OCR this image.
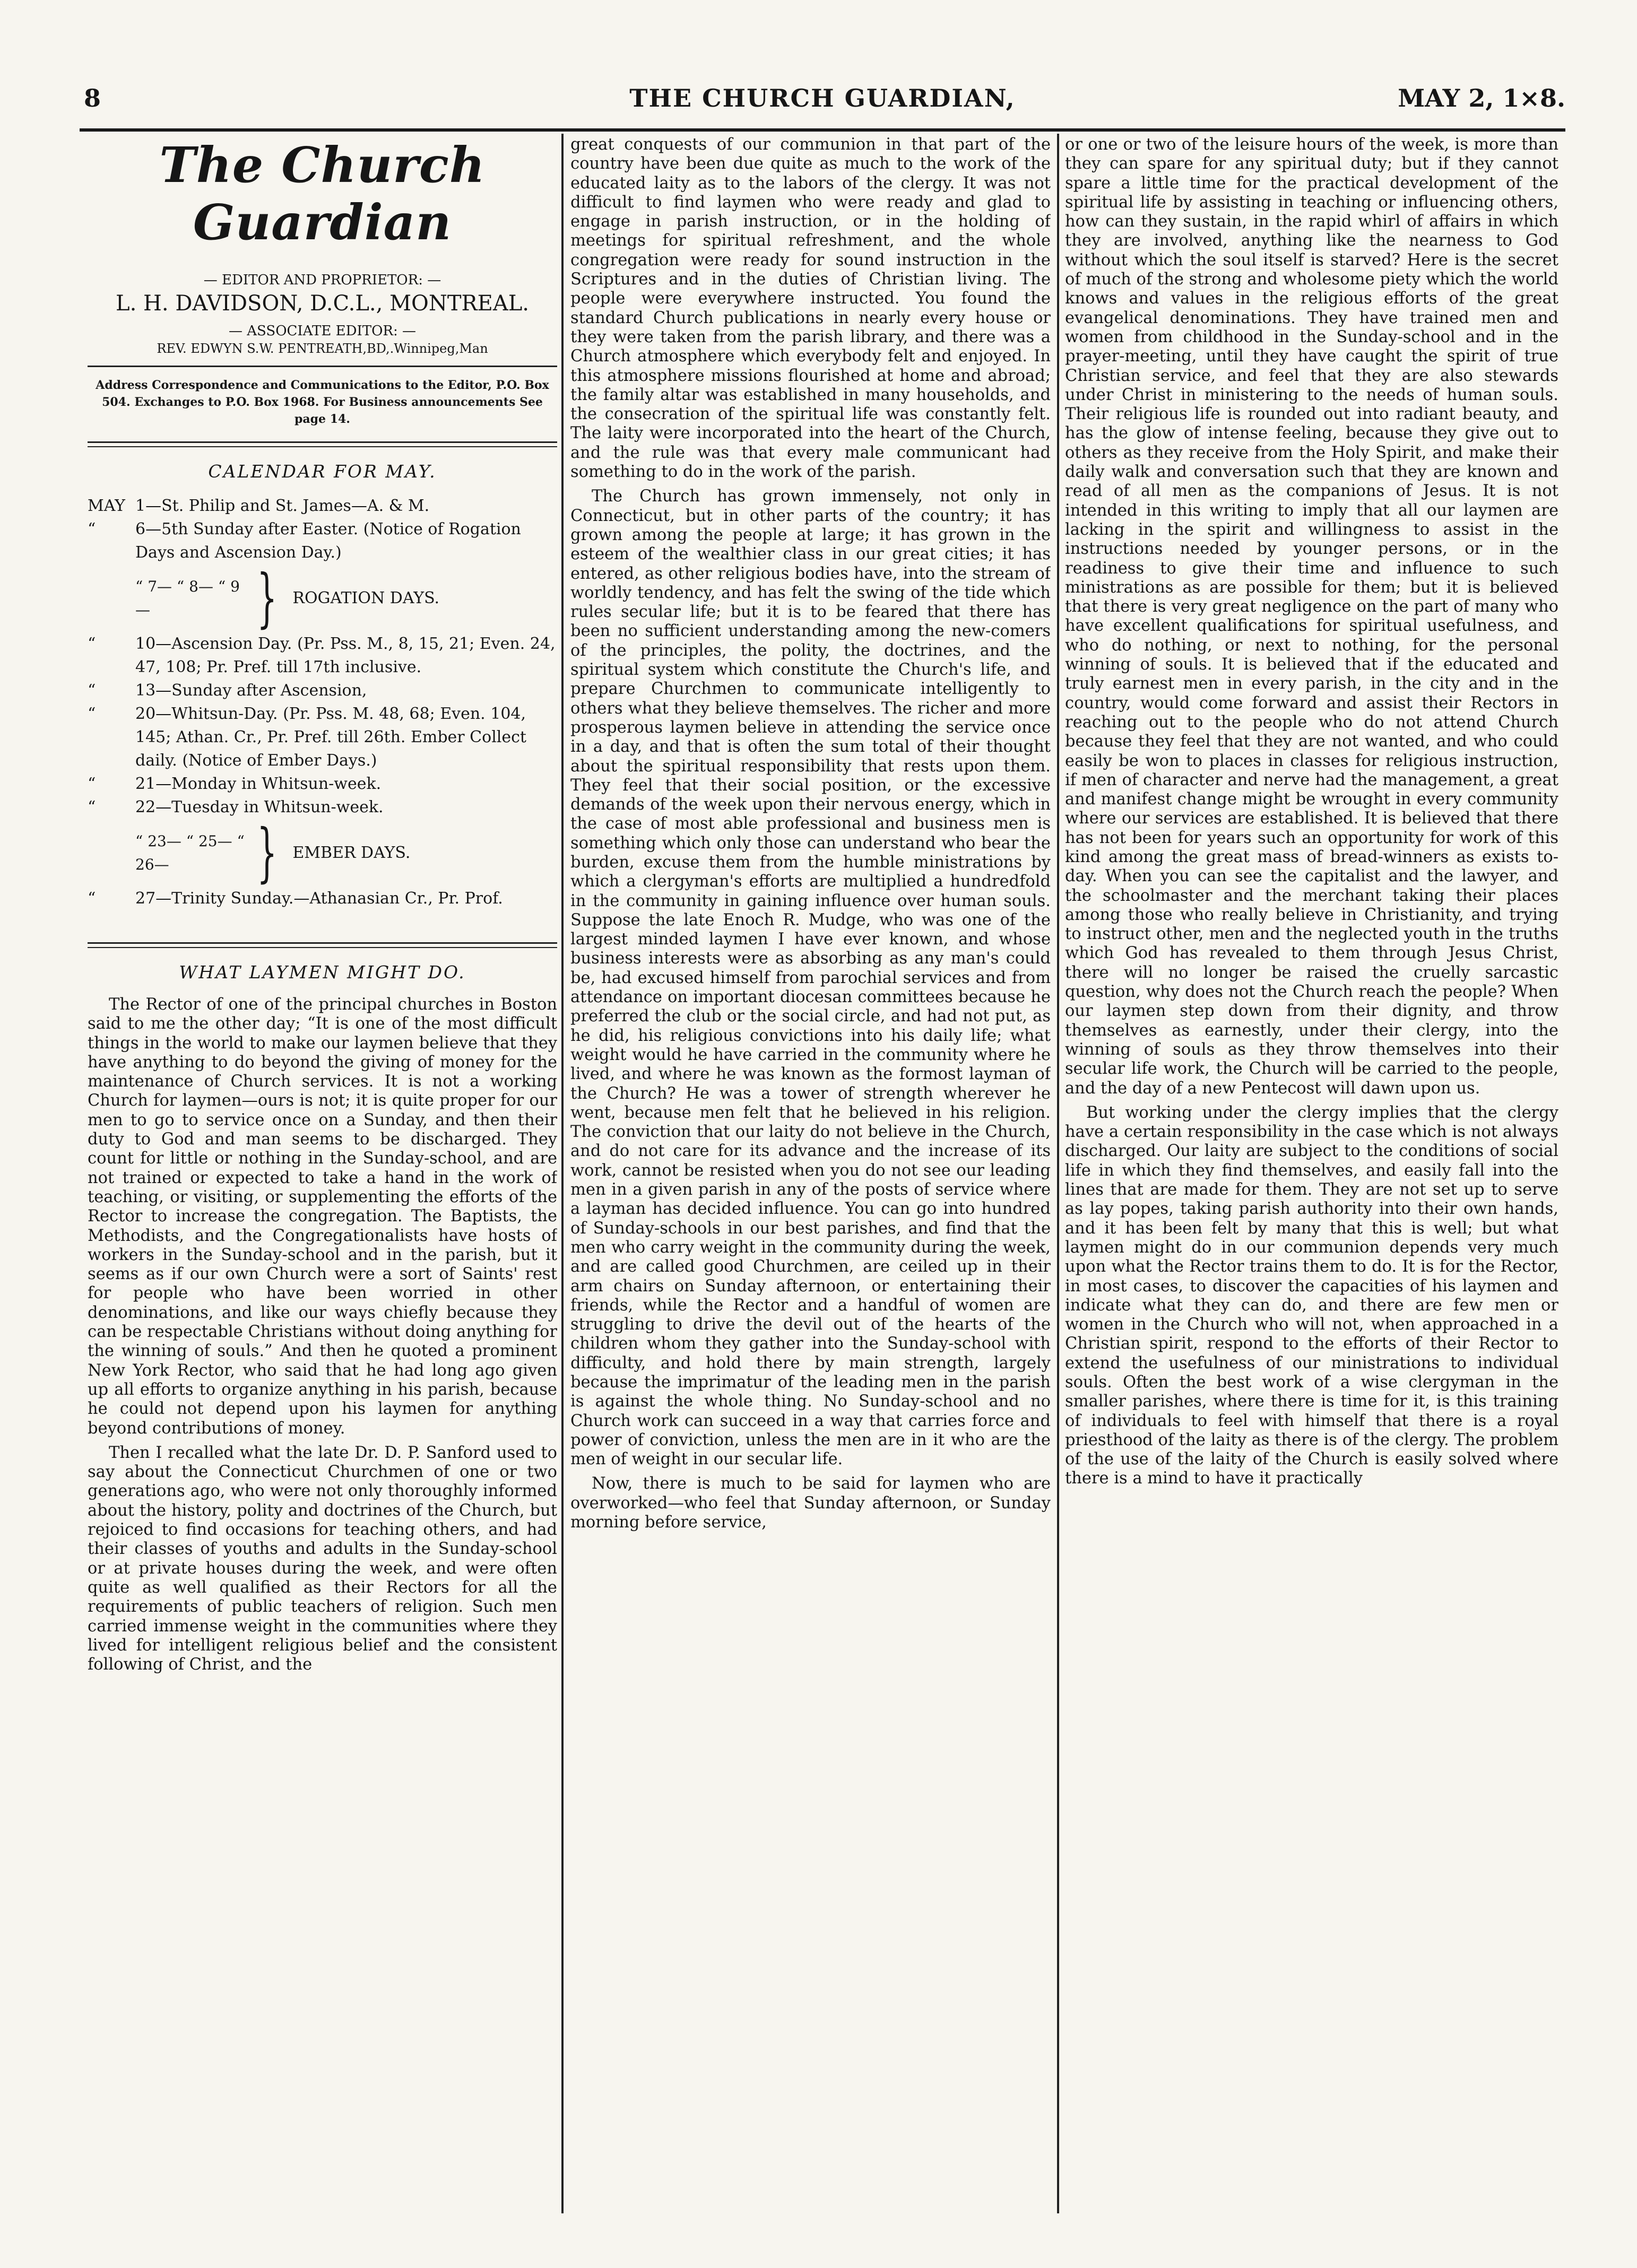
8	THE CHURCH GUARDIAN,	MAY 2, 1×8.
The Church Guardian
— EDITOR AND PROPRIETOR: —
L. H. DAVIDSON, D.C.L., MONTREAL.
— ASSOCIATE EDITOR: —
REV. EDWYN S.W. PENTREATH,BD,.Winnipeg,Man
Address Correspondence and Communications to the Editor, P.O. Box 504. Exchanges to P.O. Box 1968. For Business announcements See page 14.
CALENDAR FOR MAY.
MAY 1—St. Philip and St. James—A. & M.
“	6—5th Sunday after Easter. (Notice of Rogation Days and Ascension Day.)
“ 7— “ 8— “ 9—	} ROGATION DAYS.
“	10—Ascension Day. (Pr. Pss. M., 8, 15, 21; Even. 24, 47, 108; Pr. Pref. till 17th inclusive.
“	13—Sunday after Ascension,
“	20—Whitsun-Day. (Pr. Pss. M. 48, 68; Even. 104, 145; Athan. Cr., Pr. Pref. till 26th. Ember Collect daily. (Notice of Ember Days.)
“	21—Monday in Whitsun-week.
“	22—Tuesday in Whitsun-week.
“ 23— “ 25— “ 26—	} EMBER DAYS.
“	27—Trinity Sunday.—Athanasian Cr., Pr. Prof.
WHAT LAYMEN MIGHT DO.

The Rector of one of the principal churches in Boston said to me the other day; “It is one of the most difficult things in the world to make our laymen believe that they have anything to do beyond the giving of money for the maintenance of Church services. It is not a working Church for laymen—ours is not; it is quite proper for our men to go to service once on a Sunday, and then their duty to God and man seems to be discharged. They count for little or nothing in the Sunday-school, and are not trained or expected to take a hand in the work of teaching, or visiting, or supplementing the efforts of the Rector to increase the congregation. The Baptists, the Methodists, and the Congregationalists have hosts of workers in the Sunday-school and in the parish, but it seems as if our own Church were a sort of Saints' rest for people who have been worried in other denominations, and like our ways chiefly because they can be respectable Christians without doing anything for the winning of souls.” And then he quoted a prominent New York Rector, who said that he had long ago given up all efforts to organize anything in his parish, because he could not depend upon his laymen for anything beyond contributions of money.

Then I recalled what the late Dr. D. P. Sanford used to say about the Connecticut Churchmen of one or two generations ago, who were not only thoroughly informed about the history, polity and doctrines of the Church, but rejoiced to find occasions for teaching others, and had their classes of youths and adults in the Sunday-school or at private houses during the week, and were often quite as well qualified as their Rectors for all the requirements of public teachers of religion. Such men carried immense weight in the communities where they lived for intelligent religious belief and the consistent following of Christ, and the

great conquests of our communion in that part of the country have been due quite as much to the work of the educated laity as to the labors of the clergy. It was not difficult to find laymen who were ready and glad to engage in parish instruction, or in the holding of meetings for spiritual refreshment, and the whole congregation were ready for sound instruction in the Scriptures and in the duties of Christian living. The people were everywhere instructed. You found the standard Church publications in nearly every house or they were taken from the parish library, and there was a Church atmosphere which everybody felt and enjoyed. In this atmosphere missions flourished at home and abroad; the family altar was established in many households, and the consecration of the spiritual life was constantly felt. The laity were incorporated into the heart of the Church, and the rule was that every male communicant had something to do in the work of the parish.

The Church has grown immensely, not only in Connecticut, but in other parts of the country; it has grown among the people at large; it has grown in the esteem of the wealthier class in our great cities; it has entered, as other religious bodies have, into the stream of worldly tendency, and has felt the swing of the tide which rules secular life; but it is to be feared that there has been no sufficient understanding among the new-comers of the principles, the polity, the doctrines, and the spiritual system which constitute the Church's life, and prepare Churchmen to communicate intelligently to others what they believe themselves. The richer and more prosperous laymen believe in attending the service once in a day, and that is often the sum total of their thought about the spiritual responsibility that rests upon them. They feel that their social position, or the excessive demands of the week upon their nervous energy, which in the case of most able professional and business men is something which only those can understand who bear the burden, excuse them from the humble ministrations by which a clergyman's efforts are multiplied a hundredfold in the community in gaining influence over human souls. Suppose the late Enoch R. Mudge, who was one of the largest minded laymen I have ever known, and whose business interests were as absorbing as any man's could be, had excused himself from parochial services and from attendance on important diocesan committees because he preferred the club or the social circle, and had not put, as he did, his religious convictions into his daily life; what weight would he have carried in the community where he lived, and where he was known as the formost layman of the Church? He was a tower of strength wherever he went, because men felt that he believed in his religion. The conviction that our laity do not believe in the Church, and do not care for its advance and the increase of its work, cannot be resisted when you do not see our leading men in a given parish in any of the posts of service where a layman has decided influence. You can go into hundred of Sunday-schools in our best parishes, and find that the men who carry weight in the community during the week, and are called good Churchmen, are ceiled up in their arm chairs on Sunday afternoon, or entertaining their friends, while the Rector and a handful of women are struggling to drive the devil out of the hearts of the children whom they gather into the Sunday-school with difficulty, and hold there by main strength, largely because the imprimatur of the leading men in the parish is against the whole thing. No Sunday-school and no Church work can succeed in a way that carries force and power of conviction, unless the men are in it who are the men of weight in our secular life.

Now, there is much to be said for laymen who are overworked—who feel that Sunday afternoon, or Sunday morning before service,

or one or two of the leisure hours of the week, is more than they can spare for any spiritual duty; but if they cannot spare a little time for the practical development of the spiritual life by assisting in teaching or influencing others, how can they sustain, in the rapid whirl of affairs in which they are involved, anything like the nearness to God without which the soul itself is starved? Here is the secret of much of the strong and wholesome piety which the world knows and values in the religious efforts of the great evangelical denominations. They have trained men and women from childhood in the Sunday-school and in the prayer-meeting, until they have caught the spirit of true Christian service, and feel that they are also stewards under Christ in ministering to the needs of human souls. Their religious life is rounded out into radiant beauty, and has the glow of intense feeling, because they give out to others as they receive from the Holy Spirit, and make their daily walk and conversation such that they are known and read of all men as the companions of Jesus. It is not intended in this writing to imply that all our laymen are lacking in the spirit and willingness to assist in the instructions needed by younger persons, or in the readiness to give their time and influence to such ministrations as are possible for them; but it is believed that there is very great negligence on the part of many who have excellent qualifications for spiritual usefulness, and who do nothing, or next to nothing, for the personal winning of souls. It is believed that if the educated and truly earnest men in every parish, in the city and in the country, would come forward and assist their Rectors in reaching out to the people who do not attend Church because they feel that they are not wanted, and who could easily be won to places in classes for religious instruction, if men of character and nerve had the management, a great and manifest change might be wrought in every community where our services are established. It is believed that there has not been for years such an opportunity for work of this kind among the great mass of bread-winners as exists to-day. When you can see the capitalist and the lawyer, and the schoolmaster and the merchant taking their places among those who really believe in Christianity, and trying to instruct other, men and the neglected youth in the truths which God has revealed to them through Jesus Christ, there will no longer be raised the cruelly sarcastic question, why does not the Church reach the people? When our laymen step down from their dignity, and throw themselves as earnestly, under their clergy, into the winning of souls as they throw themselves into their secular life work, the Church will be carried to the people, and the day of a new Pentecost will dawn upon us.

But working under the clergy implies that the clergy have a certain responsibility in the case which is not always discharged. Our laity are subject to the conditions of social life in which they find themselves, and easily fall into the lines that are made for them. They are not set up to serve as lay popes, taking parish authority into their own hands, and it has been felt by many that this is well; but what laymen might do in our communion depends very much upon what the Rector trains them to do. It is for the Rector, in most cases, to discover the capacities of his laymen and indicate what they can do, and there are few men or women in the Church who will not, when approached in a Christian spirit, respond to the efforts of their Rector to extend the usefulness of our ministrations to individual souls. Often the best work of a wise clergyman in the smaller parishes, where there is time for it, is this training of individuals to feel with himself that there is a royal priesthood of the laity as there is of the clergy. The problem of the use of the laity of the Church is easily solved where there is a mind to have it practically
